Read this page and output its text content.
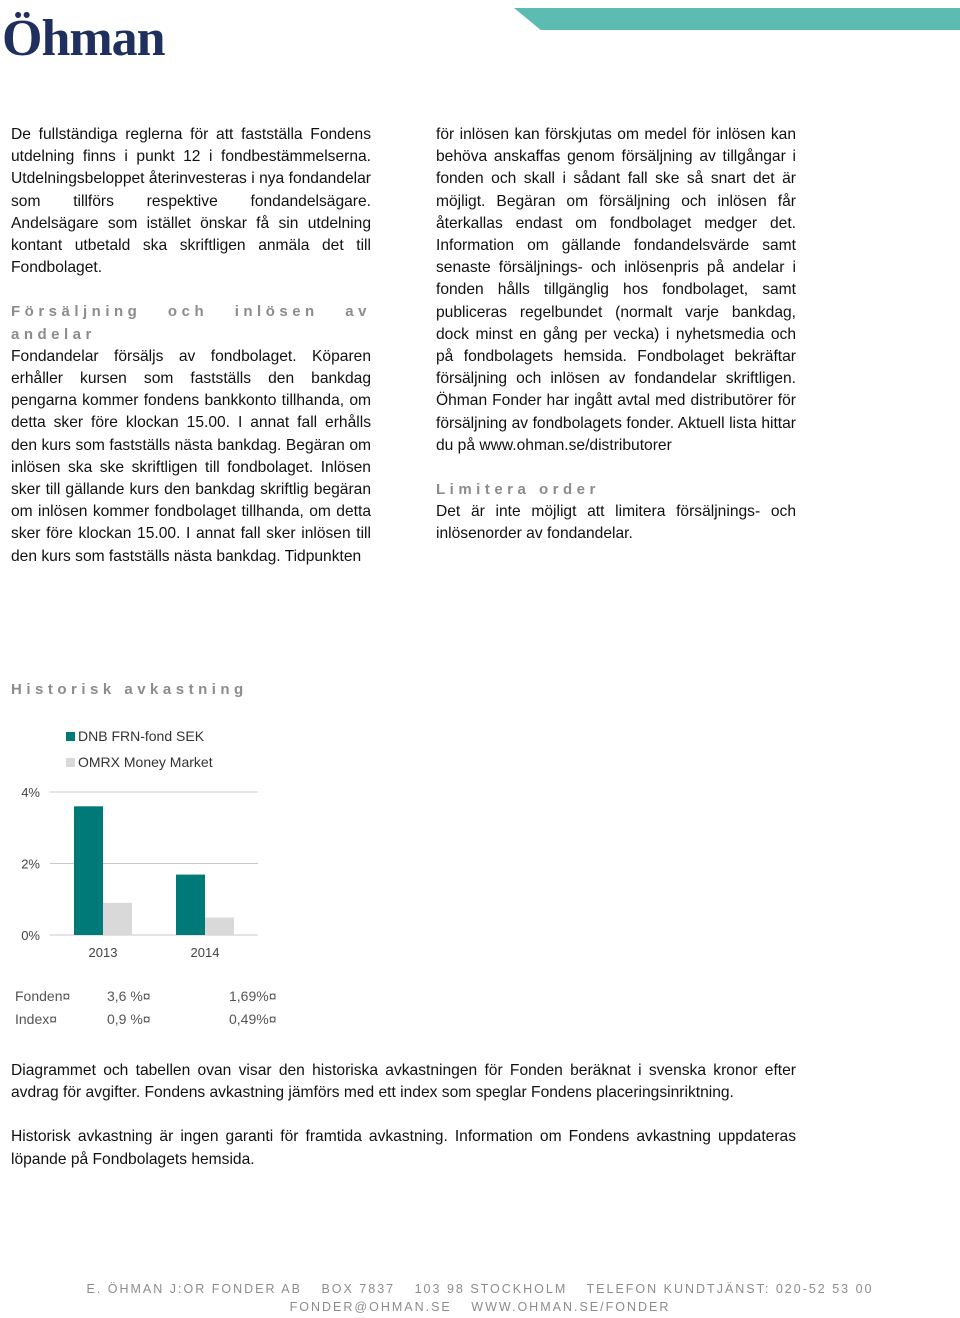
Öhman

De fullständiga reglerna för att fastställa Fondens utdelning finns i punkt 12 i fondbestämmelserna. Utdelningsbeloppet återinvesteras i nya fondandelar som tillförs respektive fondandelsägare. Andelsägare som istället önskar få sin utdelning kontant utbetald ska skriftligen anmäla det till Fondbolaget.

Försäljning och inlösen av

andelar

Fondandelar försäljs av fondbolaget. Köparen erhåller kursen som fastställs den bankdag pengarna kommer fondens bankkonto tillhanda, om detta sker före klockan 15.00. I annat fall erhålls den kurs som fastställs nästa bankdag. Begäran om inlösen ska ske skriftligen till fondbolaget. Inlösen sker till gällande kurs den bankdag skriftlig begäran om inlösen kommer fondbolaget tillhanda, om detta sker före klockan 15.00. I annat fall sker inlösen till den kurs som fastställs nästa bankdag. Tidpunkten

för inlösen kan förskjutas om medel för inlösen kan behöva anskaffas genom försäljning av tillgångar i fonden och skall i sådant fall ske så snart det är möjligt. Begäran om försäljning och inlösen får återkallas endast om fondbolaget medger det. Information om gällande fondandelsvärde samt senaste försäljnings- och inlösenpris på andelar i fonden hålls tillgänglig hos fondbolaget, samt publiceras regelbundet (normalt varje bankdag, dock minst en gång per vecka) i nyhetsmedia och på fondbolagets hemsida. Fondbolaget bekräftar försäljning och inlösen av fondandelar skriftligen. Öhman Fonder har ingått avtal med distributörer för försäljning av fondbolagets fonder. Aktuell lista hittar du på www.ohman.se/distributorer

Limitera order

Det är inte möjligt att limitera försäljnings- och inlösenorder av fondandelar.

Historisk avkastning
0%
2%
4%
DNB FRN-fond SEK
OMRX Money Market
2013	2014
Fonden¤	3,6 %¤	1,69%¤
Index¤	0,9 %¤	0,49%¤

Diagrammet och tabellen ovan visar den historiska avkastningen för Fonden beräknat i svenska kronor efter avdrag för avgifter. Fondens avkastning jämförs med ett index som speglar Fondens placeringsinriktning.

Historisk avkastning är ingen garanti för framtida avkastning. Information om Fondens avkastning uppdateras löpande på Fondbolagets hemsida.

E. ÖHMAN J:OR FONDER AB BOX 7837 103 98 STOCKHOLM TELEFON KUNDTJÄNST: 020-52 53 00
FONDER@OHMAN.SE WWW.OHMAN.SE/FONDER
